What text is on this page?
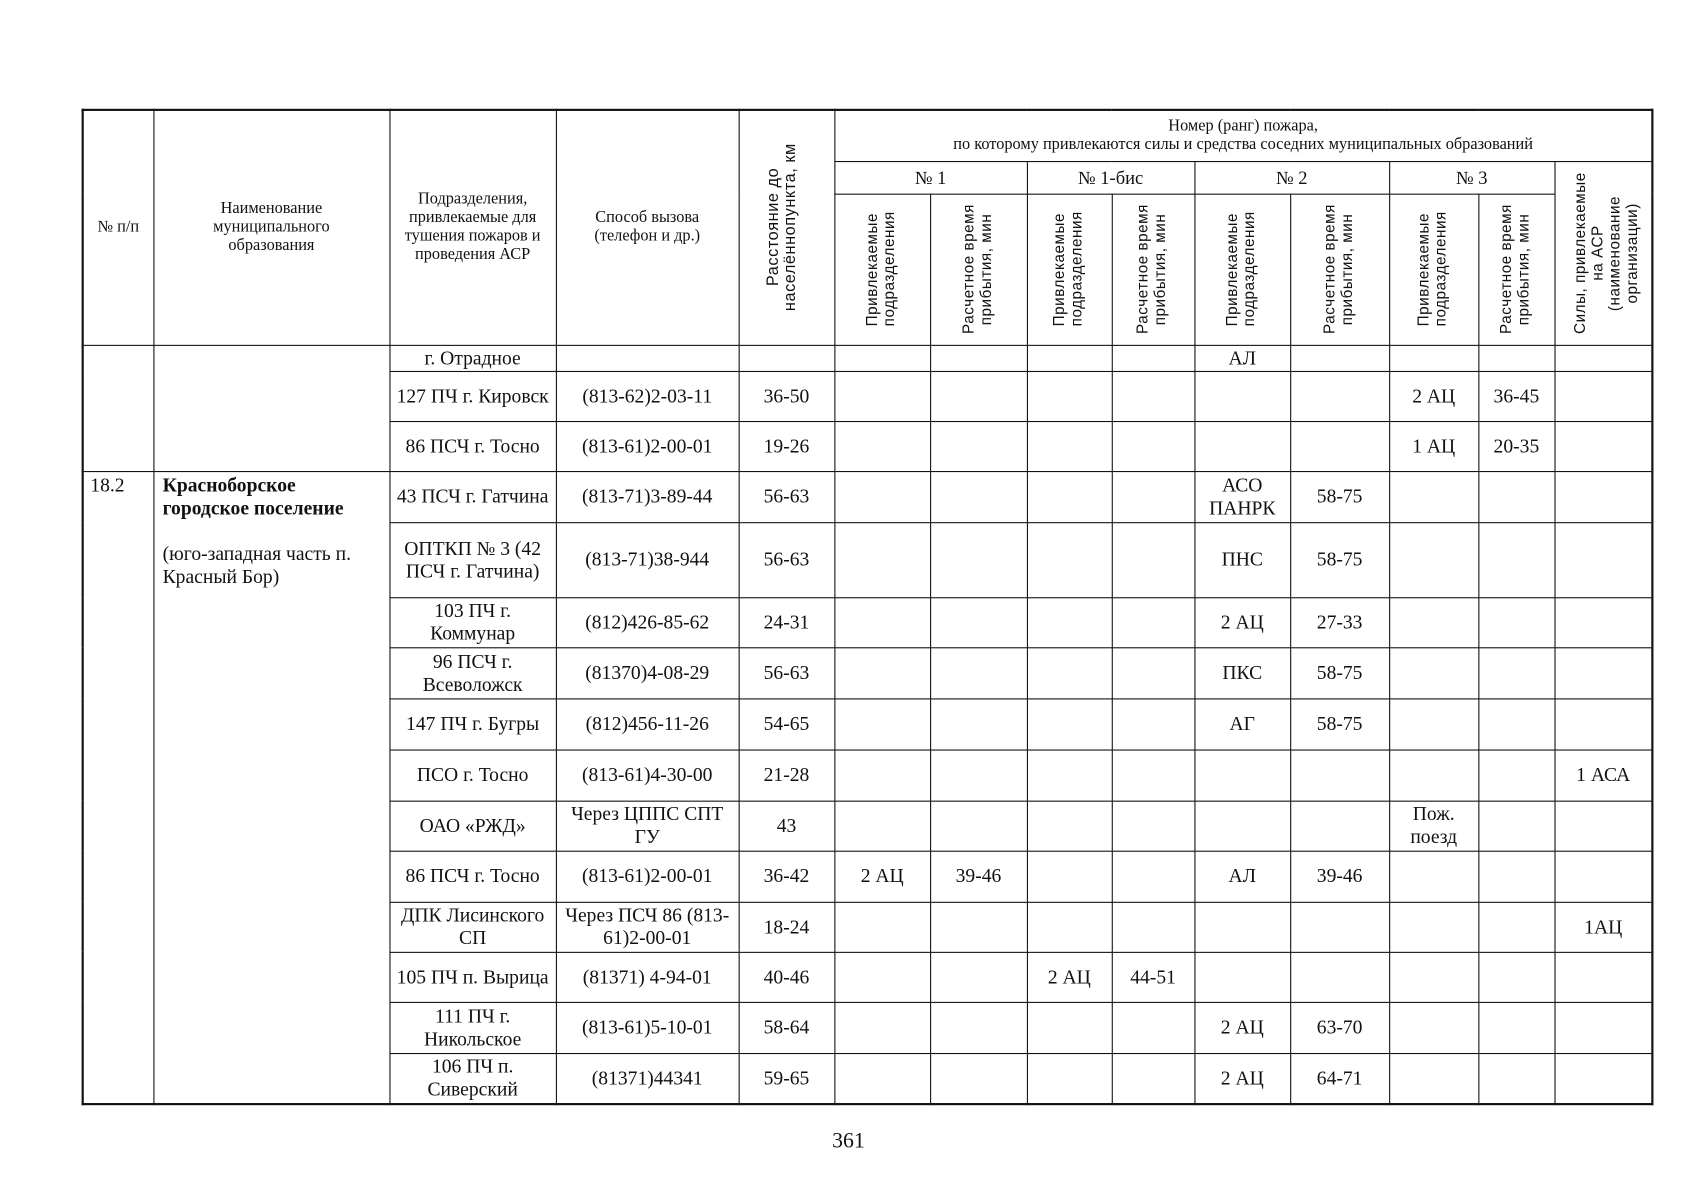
№ п/п	Наименование муниципального образования	Подразделения, привлекаемые для тушения пожаров и проведения АСР	Способ вызова (телефон и др.)	Расстояние до населённопункта, км	Номер (ранг) пожара,
по которому привлекаются силы и средства соседних муниципальных образований								

					№ 1		№ 1-бис		№ 2		№ 3		Силы, привлекаемые на АСР (наименование организации)

					Привлекаемые подразделения	Расчетное время прибытия, мин	Привлекаемые подразделения	Расчетное время прибытия, мин	Привлекаемые подразделения	Расчетное время прибытия, мин	Привлекаемые подразделения	Расчетное время прибытия, мин	

		г. Отрадное							АЛ				
		127 ПЧ г. Кировск	(813-62)2-03-11	36-50							2 АЦ	36-45	
		86 ПСЧ г. Тосно	(813-61)2-00-01	19-26							1 АЦ	20-35	
18.2	Красноборское городское поселение
(юго-западная часть п. Красный Бор)	43 ПСЧ г. Гатчина	(813-71)3-89-44	56-63					АСО ПАНРК	58-75			
		ОПТКП № 3 (42 ПСЧ г. Гатчина)	(813-71)38-944	56-63					ПНС	58-75			
		103 ПЧ г. Коммунар	(812)426-85-62	24-31					2 АЦ	27-33			
		96 ПСЧ г. Всеволожск	(81370)4-08-29	56-63					ПКС	58-75			
		147 ПЧ г. Бугры	(812)456-11-26	54-65					АГ	58-75			
		ПСО г. Тосно	(813-61)4-30-00	21-28									1 АСА
		ОАО «РЖД»	Через ЦППС СПТ ГУ	43							Пож. поезд		
		86 ПСЧ г. Тосно	(813-61)2-00-01	36-42	2 АЦ	39-46			АЛ	39-46			
		ДПК Лисинского СП	Через ПСЧ 86 (813-61)2-00-01	18-24									1АЦ
		105 ПЧ п. Вырица	(81371) 4-94-01	40-46			2 АЦ	44-51					
		111 ПЧ г. Никольское	(813-61)5-10-01	58-64					2 АЦ	63-70			
		106 ПЧ п. Сиверский	(81371)44341	59-65					2 АЦ	64-71			
361
